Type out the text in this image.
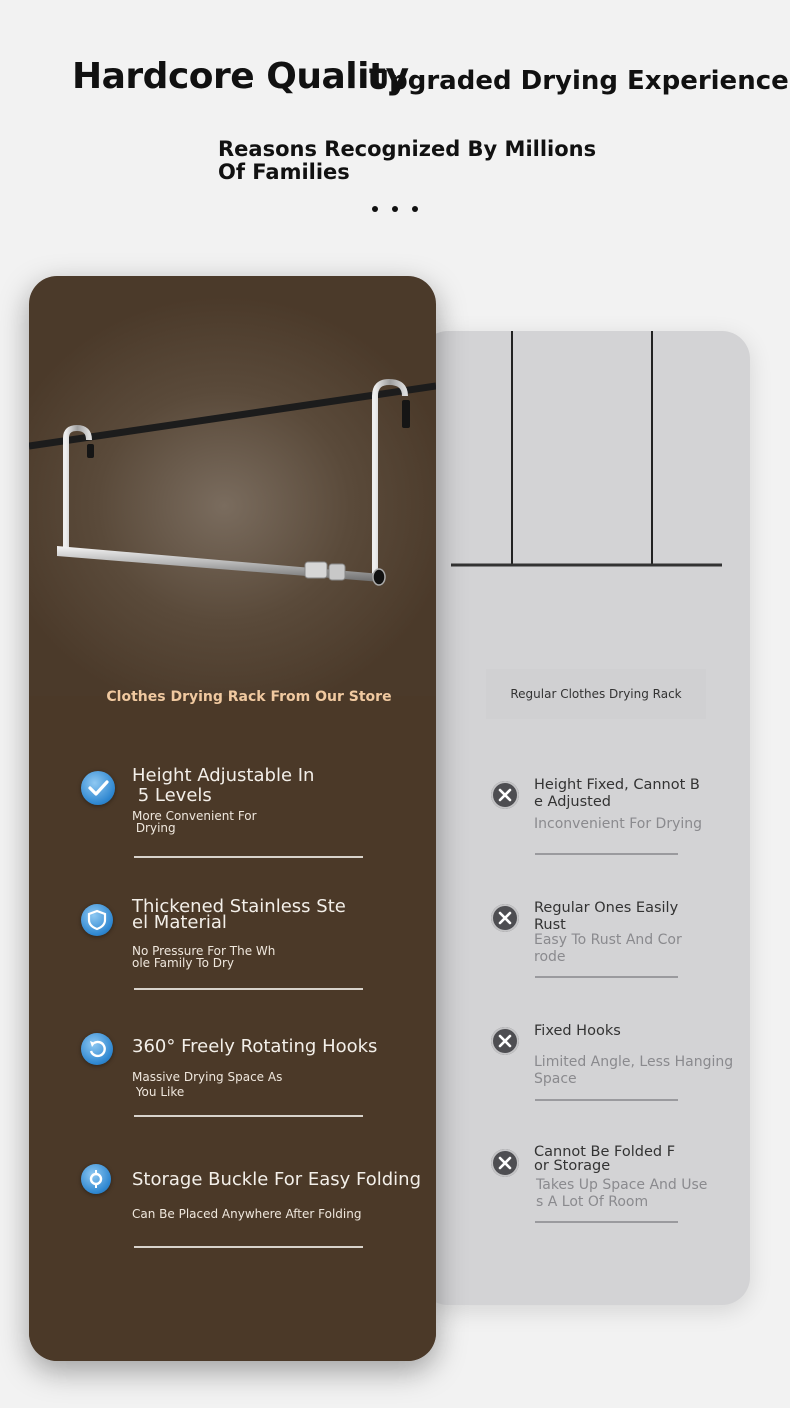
Hardcore Quality
Upgraded Drying Experience
Reasons Recognized By Millions
Of Families
Regular Clothes Drying Rack
Height Fixed, Cannot B
e Adjusted
Inconvenient For Drying
Regular Ones Easily Rust
Easy To Rust And Cor
rode
Fixed Hooks
Limited Angle, Less Hanging
Space
Cannot Be Folded F
or Storage
Takes Up Space And Use
s A Lot Of Room
Clothes Drying Rack From Our Store
Height Adjustable In
5 Levels
More Convenient For
Drying
Thickened Stainless Ste
el Material
No Pressure For The Wh
ole Family To Dry
360° Freely Rotating Hooks
Massive Drying Space As
You Like
Storage Buckle For Easy Folding
Can Be Placed Anywhere After Folding
